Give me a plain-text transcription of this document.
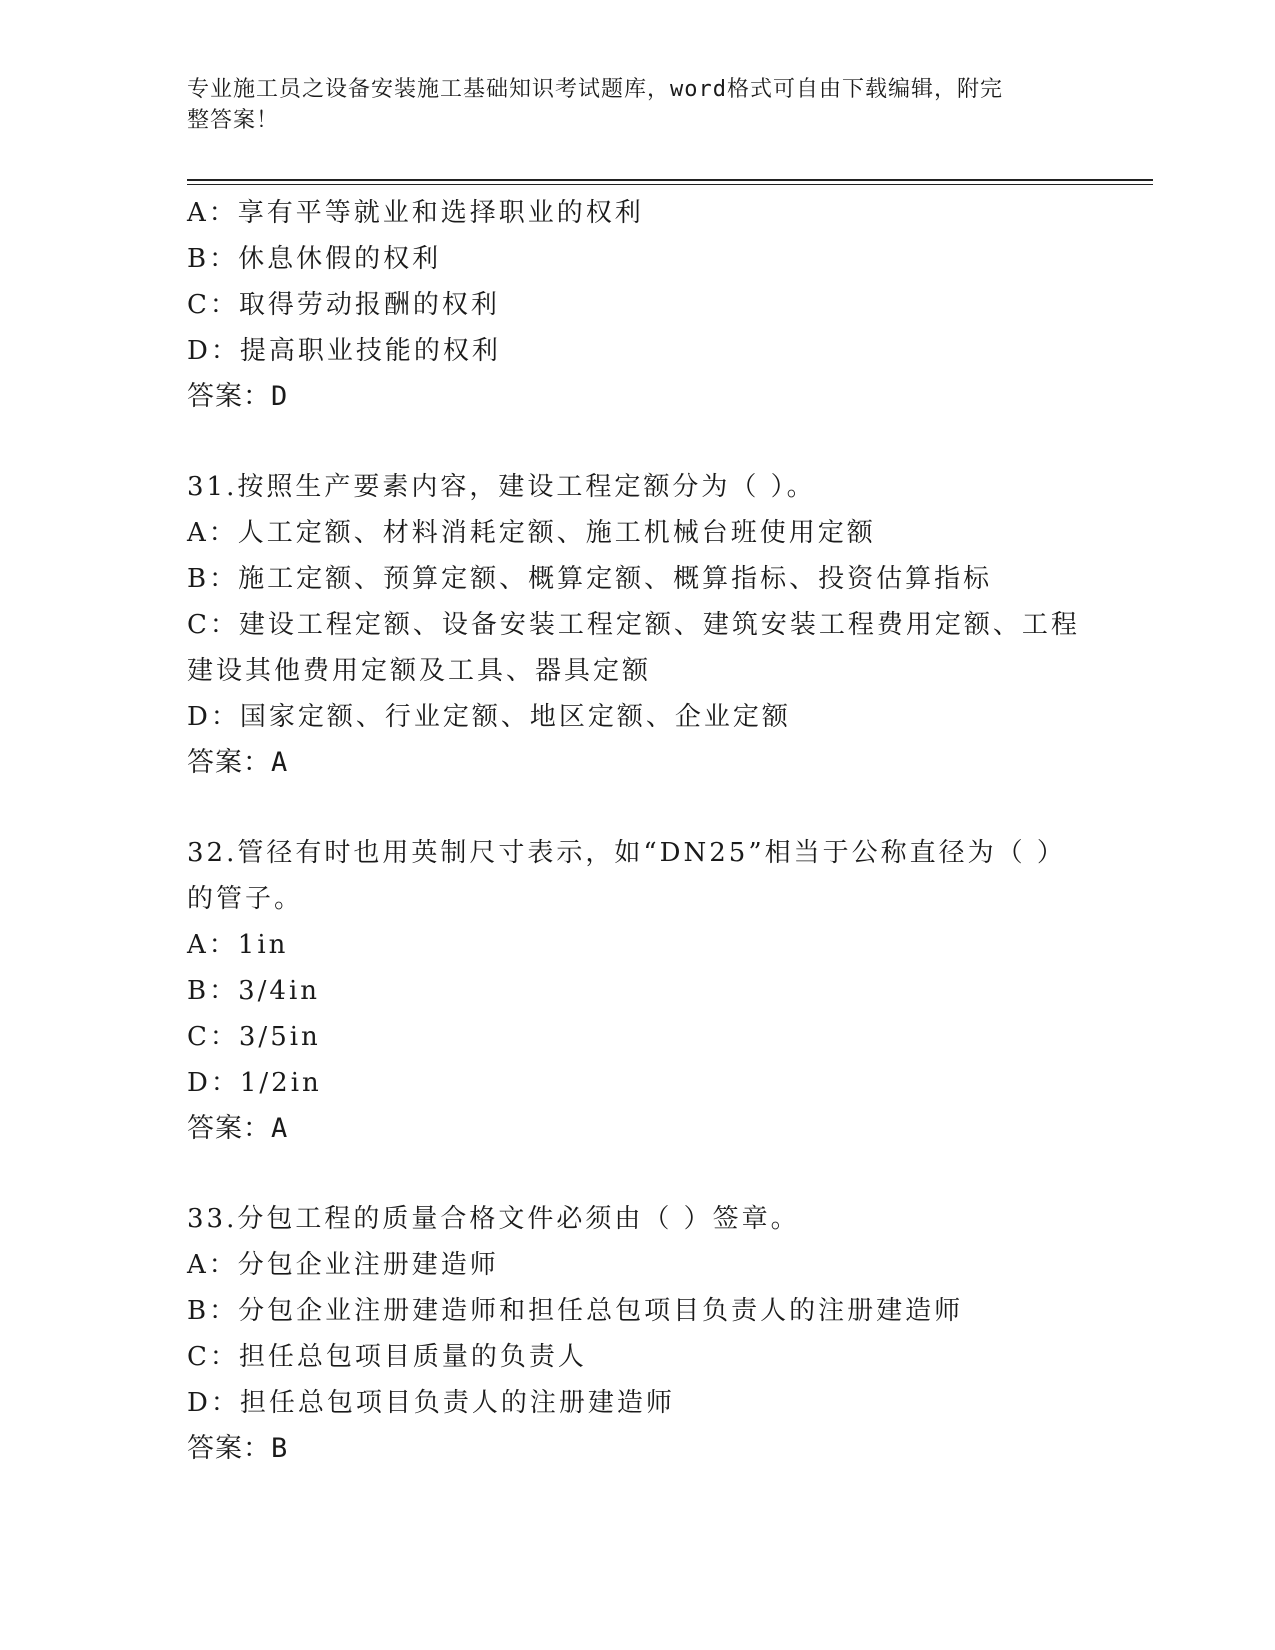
专业施工员之设备安装施工基础知识考试题库，word格式可自由下载编辑，附完
整答案！
A：享有平等就业和选择职业的权利
B：休息休假的权利
C：取得劳动报酬的权利
D：提高职业技能的权利
答案：D
31.按照生产要素内容，建设工程定额分为（ ）。
A：人工定额、材料消耗定额、施工机械台班使用定额
B：施工定额、预算定额、概算定额、概算指标、投资估算指标
C：建设工程定额、设备安装工程定额、建筑安装工程费用定额、工程
建设其他费用定额及工具、器具定额
D：国家定额、行业定额、地区定额、企业定额
答案：A
32.管径有时也用英制尺寸表示，如“DN25”相当于公称直径为（ ）
的管子。
A：1in
B：3/4in
C：3/5in
D：1/2in
答案：A
33.分包工程的质量合格文件必须由（ ）签章。
A：分包企业注册建造师
B：分包企业注册建造师和担任总包项目负责人的注册建造师
C：担任总包项目质量的负责人
D：担任总包项目负责人的注册建造师
答案：B
